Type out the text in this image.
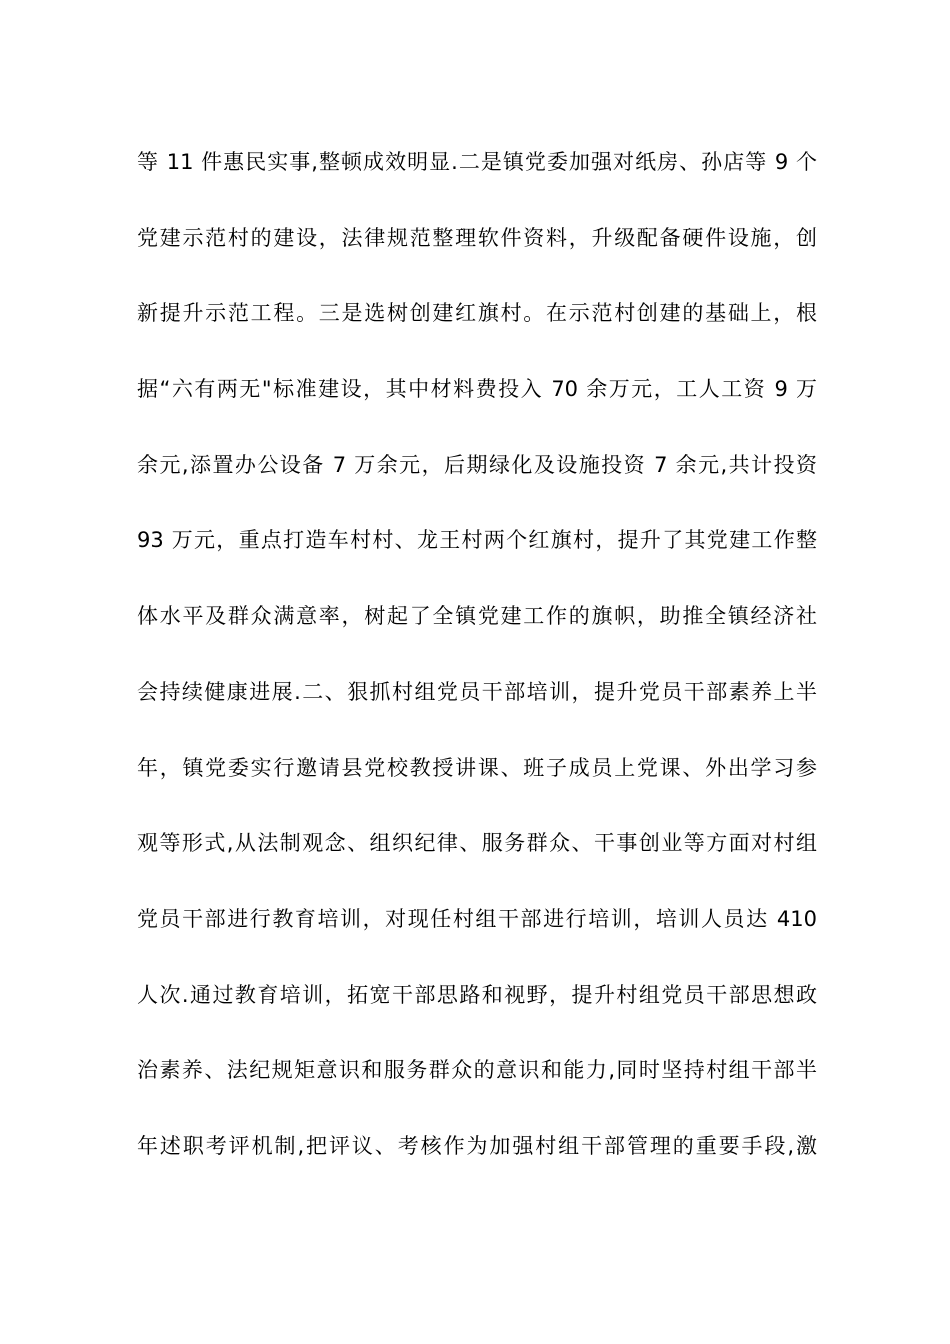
等 11 件惠民实事,整顿成效明显.二是镇党委加强对纸房、孙店等 9 个
党建示范村的建设，法律规范整理软件资料，升级配备硬件设施，创
新提升示范工程。三是选树创建红旗村。在示范村创建的基础上，根
据“六有两无"标准建设，其中材料费投入 70 余万元，工人工资 9 万
余元,添置办公设备 7 万余元，后期绿化及设施投资 7 余元,共计投资
93 万元，重点打造车村村、龙王村两个红旗村，提升了其党建工作整
体水平及群众满意率，树起了全镇党建工作的旗帜，助推全镇经济社
会持续健康进展.二、狠抓村组党员干部培训，提升党员干部素养上半
年，镇党委实行邀请县党校教授讲课、班子成员上党课、外出学习参
观等形式,从法制观念、组织纪律、服务群众、干事创业等方面对村组
党员干部进行教育培训，对现任村组干部进行培训，培训人员达 410
人次.通过教育培训，拓宽干部思路和视野，提升村组党员干部思想政
治素养、法纪规矩意识和服务群众的意识和能力,同时坚持村组干部半
年述职考评机制,把评议、考核作为加强村组干部管理的重要手段,激
